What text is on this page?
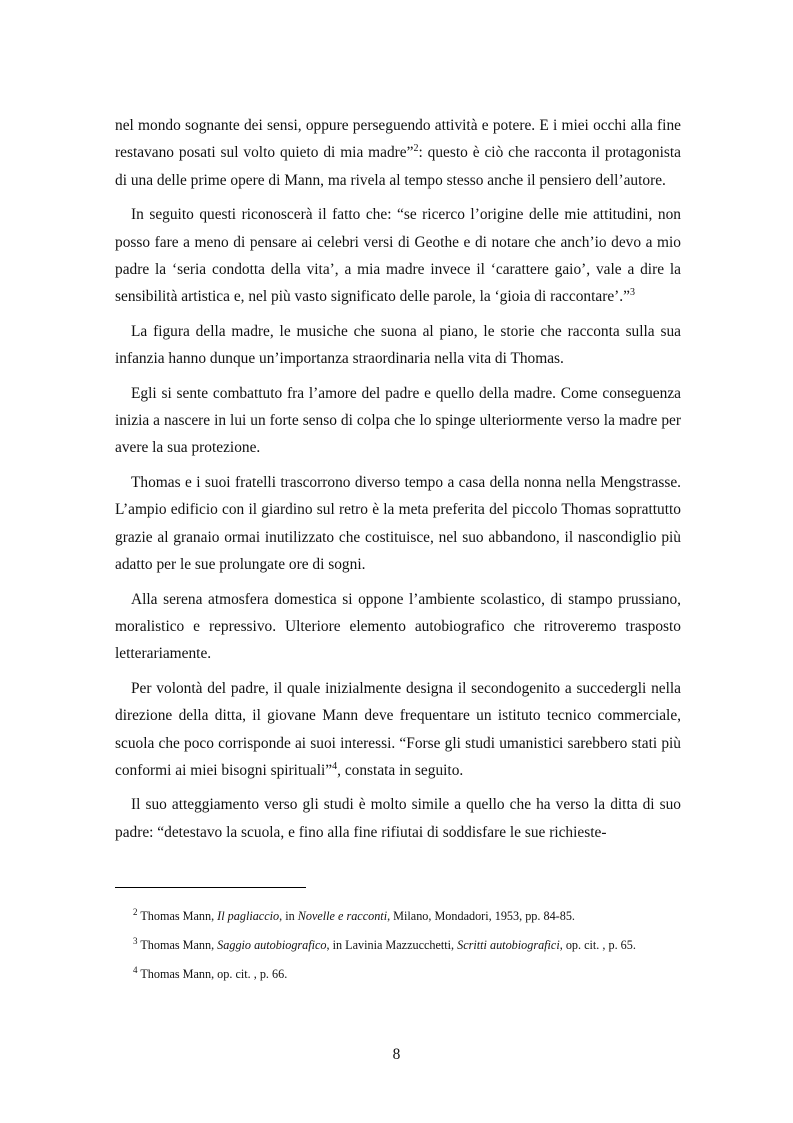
nel mondo sognante dei sensi, oppure perseguendo attività e potere. E i miei occhi alla fine restavano posati sul volto quieto di mia madre”$^2$: questo è ciò che racconta il protagonista di una delle prime opere di Mann, ma rivela al tempo stesso anche il pensiero dell’autore.

In seguito questi riconoscerà il fatto che: “se ricerco l’origine delle mie attitudini, non posso fare a meno di pensare ai celebri versi di Geothe e di notare che anch’io devo a mio padre la ‘seria condotta della vita’, a mia madre invece il ‘carattere gaio’, vale a dire la sensibilità artistica e, nel più vasto significato delle parole, la ‘gioia di raccontare’.”$^3$

La figura della madre, le musiche che suona al piano, le storie che racconta sulla sua infanzia hanno dunque un’importanza straordinaria nella vita di Thomas.

Egli si sente combattuto fra l’amore del padre e quello della madre. Come conseguenza inizia a nascere in lui un forte senso di colpa che lo spinge ulteriormente verso la madre per avere la sua protezione.

Thomas e i suoi fratelli trascorrono diverso tempo a casa della nonna nella Mengstrasse. L’ampio edificio con il giardino sul retro è la meta preferita del piccolo Thomas soprattutto grazie al granaio ormai inutilizzato che costituisce, nel suo abbandono, il nascondiglio più adatto per le sue prolungate ore di sogni.

Alla serena atmosfera domestica si oppone l’ambiente scolastico, di stampo prussiano, moralistico e repressivo. Ulteriore elemento autobiografico che ritroveremo trasposto letterariamente.

Per volontà del padre, il quale inizialmente designa il secondogenito a succedergli nella direzione della ditta, il giovane Mann deve frequentare un istituto tecnico commerciale, scuola che poco corrisponde ai suoi interessi. “Forse gli studi umanistici sarebbero stati più conformi ai miei bisogni spirituali”$^4$, constata in seguito.

Il suo atteggiamento verso gli studi è molto simile a quello che ha verso la ditta di suo padre: “detestavo la scuola, e fino alla fine rifiutai di soddisfare le sue richieste-

$^2$ Thomas Mann, Il pagliaccio, in Novelle e racconti, Milano, Mondadori, 1953, pp. 84-85.
$^3$ Thomas Mann, Saggio autobiografico, in Lavinia Mazzucchetti, Scritti autobiografici, op. cit. , p. 65.
$^4$ Thomas Mann, op. cit. , p. 66.
8
